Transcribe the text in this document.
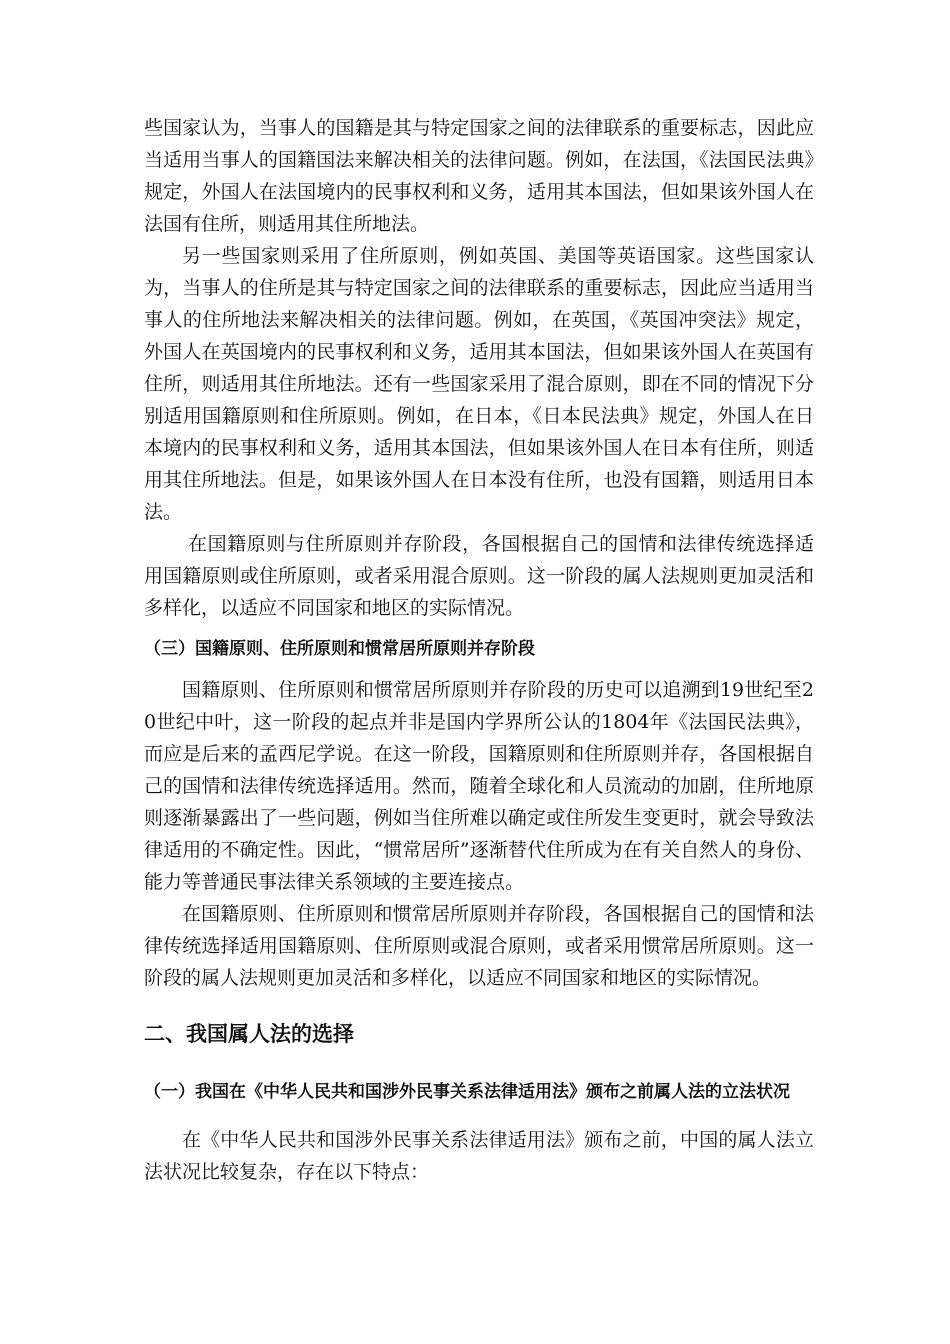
些国家认为，当事人的国籍是其与特定国家之间的法律联系的重要标志，因此应当适用当事人的国籍国法来解决相关的法律问题。例如，在法国，《法国民法典》规定，外国人在法国境内的民事权利和义务，适用其本国法，但如果该外国人在法国有住所，则适用其住所地法。

另一些国家则采用了住所原则，例如英国、美国等英语国家。这些国家认为，当事人的住所是其与特定国家之间的法律联系的重要标志，因此应当适用当事人的住所地法来解决相关的法律问题。例如，在英国，《英国冲突法》规定，外国人在英国境内的民事权利和义务，适用其本国法，但如果该外国人在英国有住所，则适用其住所地法。还有一些国家采用了混合原则，即在不同的情况下分别适用国籍原则和住所原则。例如，在日本，《日本民法典》规定，外国人在日本境内的民事权利和义务，适用其本国法，但如果该外国人在日本有住所，则适用其住所地法。但是，如果该外国人在日本没有住所，也没有国籍，则适用日本法。

在国籍原则与住所原则并存阶段，各国根据自己的国情和法律传统选择适用国籍原则或住所原则，或者采用混合原则。这一阶段的属人法规则更加灵活和多样化，以适应不同国家和地区的实际情况。

（三）国籍原则、住所原则和惯常居所原则并存阶段

国籍原则、住所原则和惯常居所原则并存阶段的历史可以追溯到19世纪至20世纪中叶，这一阶段的起点并非是国内学界所公认的1804年《法国民法典》，而应是后来的孟西尼学说。在这一阶段，国籍原则和住所原则并存，各国根据自己的国情和法律传统选择适用。然而，随着全球化和人员流动的加剧，住所地原则逐渐暴露出了一些问题，例如当住所难以确定或住所发生变更时，就会导致法律适用的不确定性。因此，“惯常居所”逐渐替代住所成为在有关自然人的身份、能力等普通民事法律关系领域的主要连接点。

在国籍原则、住所原则和惯常居所原则并存阶段，各国根据自己的国情和法律传统选择适用国籍原则、住所原则或混合原则，或者采用惯常居所原则。这一阶段的属人法规则更加灵活和多样化，以适应不同国家和地区的实际情况。

二、我国属人法的选择
（一）我国在《中华人民共和国涉外民事关系法律适用法》颁布之前属人法的立法状况

在《中华人民共和国涉外民事关系法律适用法》颁布之前，中国的属人法立法状况比较复杂，存在以下特点：
